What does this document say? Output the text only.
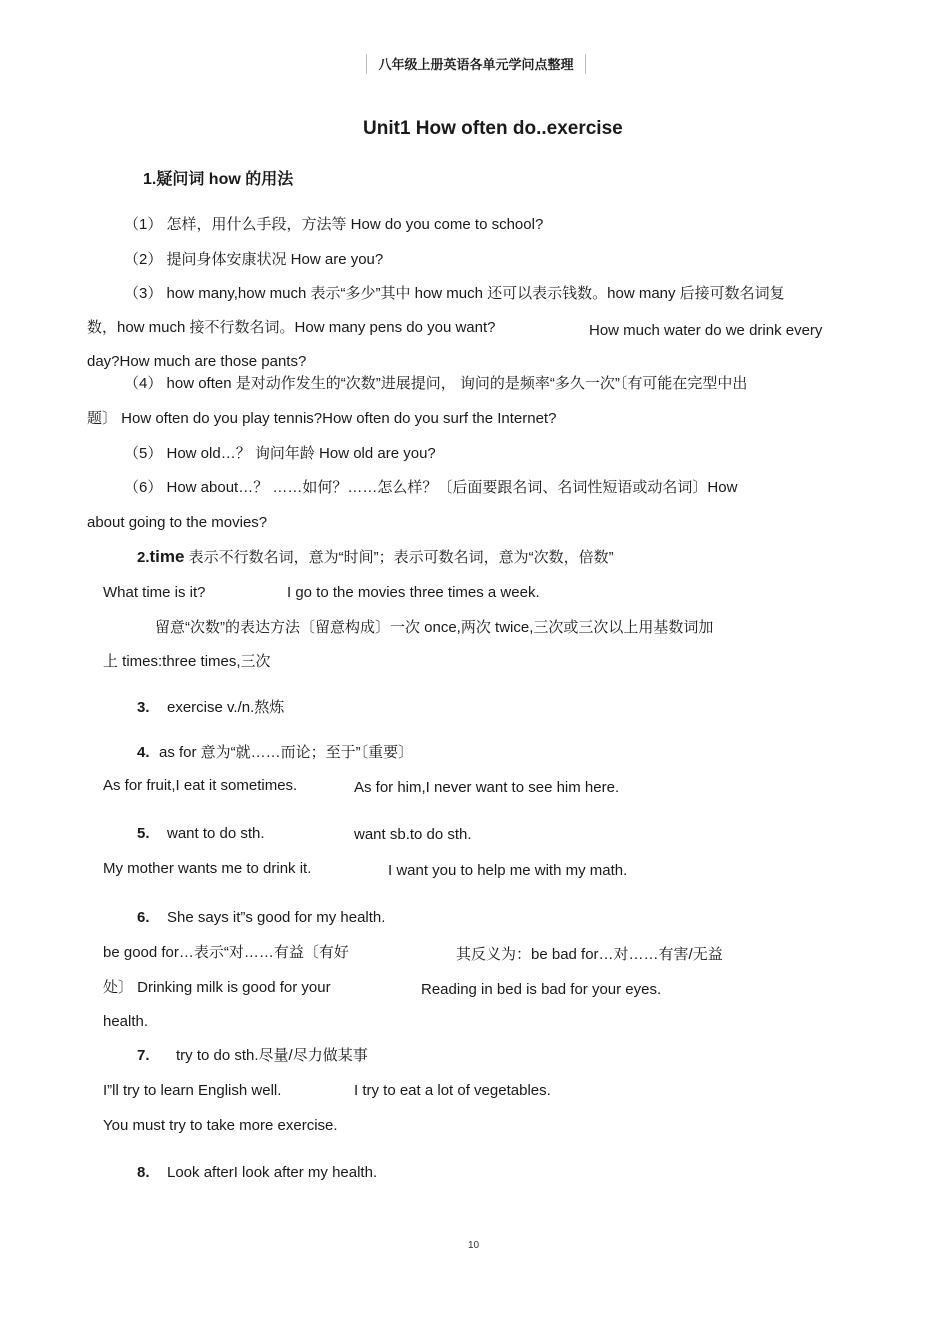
八年级上册英语各单元学问点整理
Unit1 How often do..exercise
1.疑问词 how 的用法
（1） 怎样，用什么手段，方法等 How do you come to school?
（2） 提问身体安康状况 How are you?
（3） how many,how much 表示“多少”其中 how much 还可以表示钱数。how many 后接可数名词复
数，how much 接不行数名词。How many pens do you want?	How much water do we drink every
day?How much are those pants?
（4） how often 是对动作发生的“次数”进展提问， 询问的是频率“多久一次”〔有可能在完型中出
题〕 How often do you play tennis?How often do you surf the Internet?
（5） How old…？ 询问年龄 How old are you?
（6） How about…？ ……如何？……怎么样？〔后面要跟名词、名词性短语或动名词〕How
about going to the movies?
2.time 表示不行数名词，意为“时间”；表示可数名词，意为“次数，倍数”
What time is it?	I go to the movies three times a week.
留意“次数”的表达方法〔留意构成〕一次 once,两次 twice,三次或三次以上用基数词加
上 times:three times,三次
3. exercise v./n.熬炼
4. as for 意为“就……而论；至于”〔重要〕
As for fruit,I eat it sometimes.	As for him,I never want to see him here.
5. want to do sth.	want sb.to do sth.
My mother wants me to drink it.	I want you to help me with my math.
6. She says it”s good for my health.
be good for…表示“对……有益〔有好
处〕 Drinking milk is good for your
health.
其反义为：be bad for…对……有害/无益
Reading in bed is bad for your eyes.
7. try to do sth.尽量/尽力做某事
I”ll try to learn English well.	I try to eat a lot of vegetables.
You must try to take more exercise.
8. Look afterI look after my health.
10
